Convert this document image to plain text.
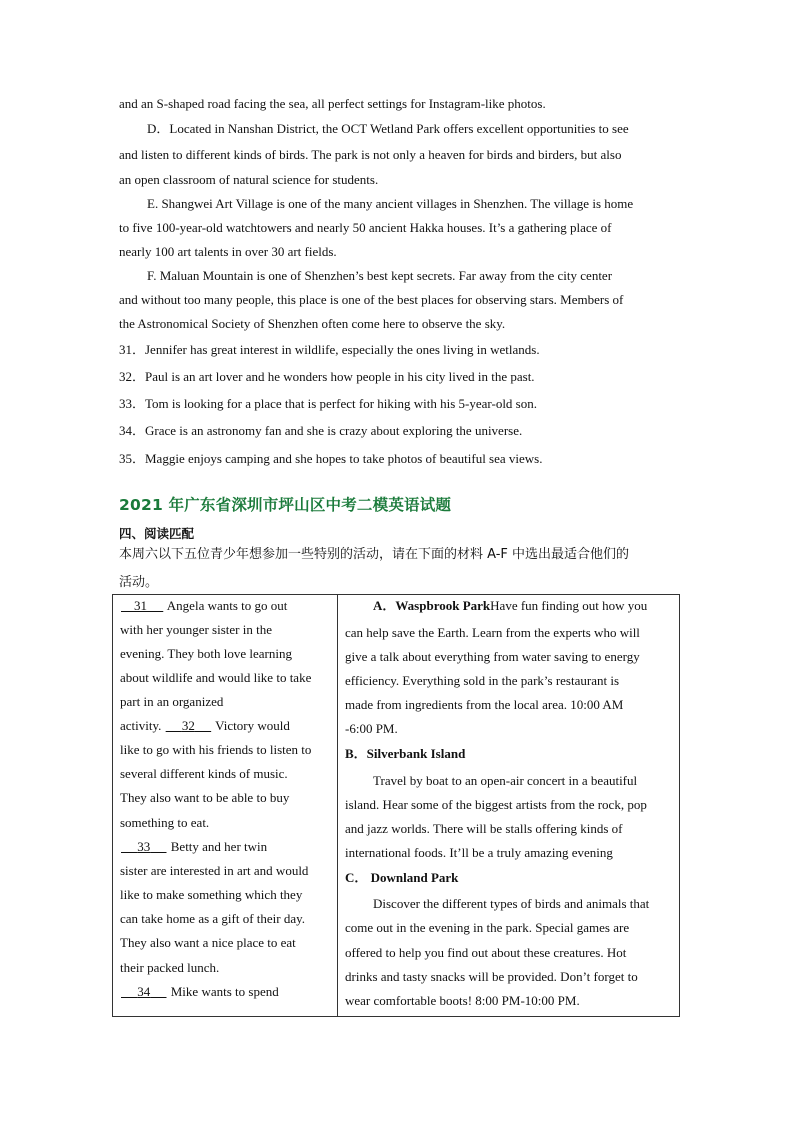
and an S-shaped road facing the sea, all perfect settings for Instagram-like photos.
D．Located in Nanshan District, the OCT Wetland Park offers excellent opportunities to see
and listen to different kinds of birds. The park is not only a heaven for birds and birders, but also
an open classroom of natural science for students.
E. Shangwei Art Village is one of the many ancient villages in Shenzhen. The village is home
to five 100-year-old watchtowers and nearly 50 ancient Hakka houses. It’s a gathering place of
nearly 100 art talents in over 30 art fields.
F. Maluan Mountain is one of Shenzhen’s best kept secrets. Far away from the city center
and without too many people, this place is one of the best places for observing stars. Members of
the Astronomical Society of Shenzhen often come here to observe the sky.
31．Jennifer has great interest in wildlife, especially the ones living in wetlands.
32．Paul is an art lover and he wonders how people in his city lived in the past.
33．Tom is looking for a place that is perfect for hiking with his 5-year-old son.
34．Grace is an astronomy fan and she is crazy about exploring the universe.
35．Maggie enjoys camping and she hopes to take photos of beautiful sea views.
2021 年广东省深圳市坪山区中考二模英语试题
四、阅读匹配
本周六以下五位青少年想参加一些特别的活动，请在下面的材料 A-F 中选出最适合他们的
活动。
31 Angela wants to go out
with her younger sister in the
evening. They both love learning
about wildlife and would like to take
part in an organized
activity. 32 Victory would
like to go with his friends to listen to
several different kinds of music.
They also want to be able to buy
something to eat.
33 Betty and her twin
sister are interested in art and would
like to make something which they
can take home as a gift of their day.
They also want a nice place to eat
their packed lunch.
34 Mike wants to spend
A．Waspbrook ParkHave fun finding out how you
can help save the Earth. Learn from the experts who will
give a talk about everything from water saving to energy
efficiency. Everything sold in the park’s restaurant is
made from ingredients from the local area. 10:00 AM
-6:00 PM.
B．Silverbank Island
Travel by boat to an open-air concert in a beautiful
island. Hear some of the biggest artists from the rock, pop
and jazz worlds. There will be stalls offering kinds of
international foods. It’ll be a truly amazing evening
C． Downland Park
Discover the different types of birds and animals that
come out in the evening in the park. Special games are
offered to help you find out about these creatures. Hot
drinks and tasty snacks will be provided. Don’t forget to
wear comfortable boots! 8:00 PM-10:00 PM.
